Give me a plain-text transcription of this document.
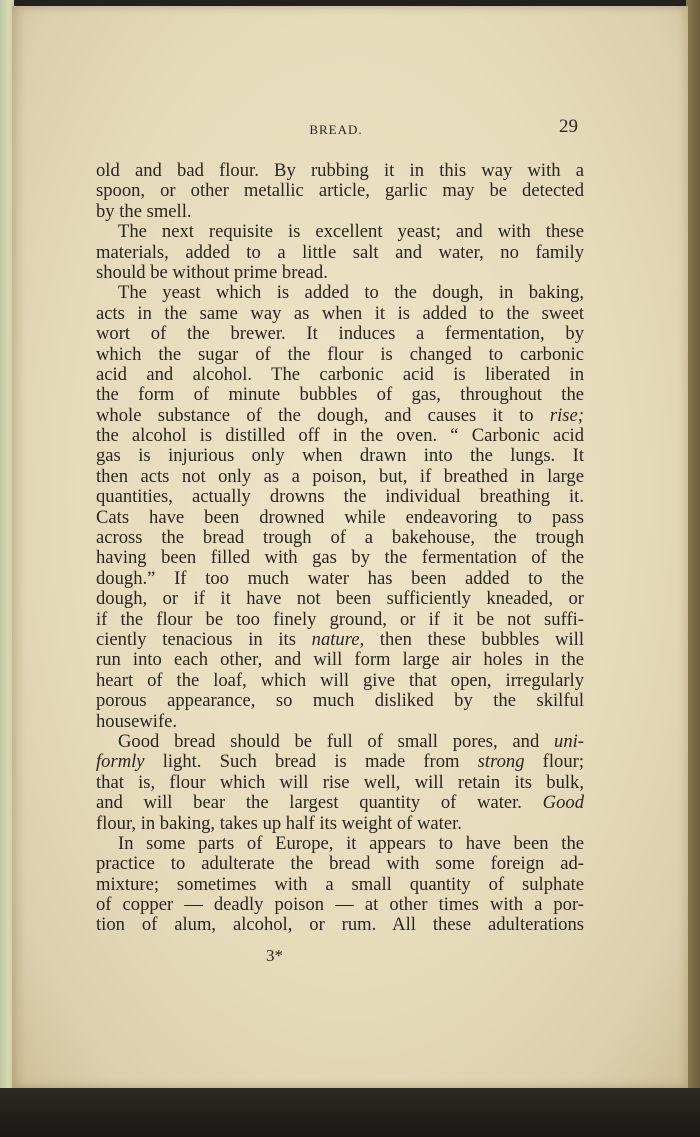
BREAD.	29
old and bad flour. By rubbing it in this way with a
spoon, or other metallic article, garlic may be detected
by the smell.
The next requisite is excellent yeast; and with these
materials, added to a little salt and water, no family
should be without prime bread.
The yeast which is added to the dough, in baking,
acts in the same way as when it is added to the sweet
wort of the brewer. It induces a fermentation, by
which the sugar of the flour is changed to carbonic
acid and alcohol. The carbonic acid is liberated in
the form of minute bubbles of gas, throughout the
whole substance of the dough, and causes it to rise;
the alcohol is distilled off in the oven. “ Carbonic acid
gas is injurious only when drawn into the lungs. It
then acts not only as a poison, but, if breathed in large
quantities, actually drowns the individual breathing it.
Cats have been drowned while endeavoring to pass
across the bread trough of a bakehouse, the trough
having been filled with gas by the fermentation of the
dough.” If too much water has been added to the
dough, or if it have not been sufficiently kneaded, or
if the flour be too finely ground, or if it be not suffi-
ciently tenacious in its nature, then these bubbles will
run into each other, and will form large air holes in the
heart of the loaf, which will give that open, irregularly
porous appearance, so much disliked by the skilful
housewife.
Good bread should be full of small pores, and uni-
formly light. Such bread is made from strong flour;
that is, flour which will rise well, will retain its bulk,
and will bear the largest quantity of water. Good
flour, in baking, takes up half its weight of water.
In some parts of Europe, it appears to have been the
practice to adulterate the bread with some foreign ad-
mixture; sometimes with a small quantity of sulphate
of copper — deadly poison — at other times with a por-
tion of alum, alcohol, or rum. All these adulterations
3*
